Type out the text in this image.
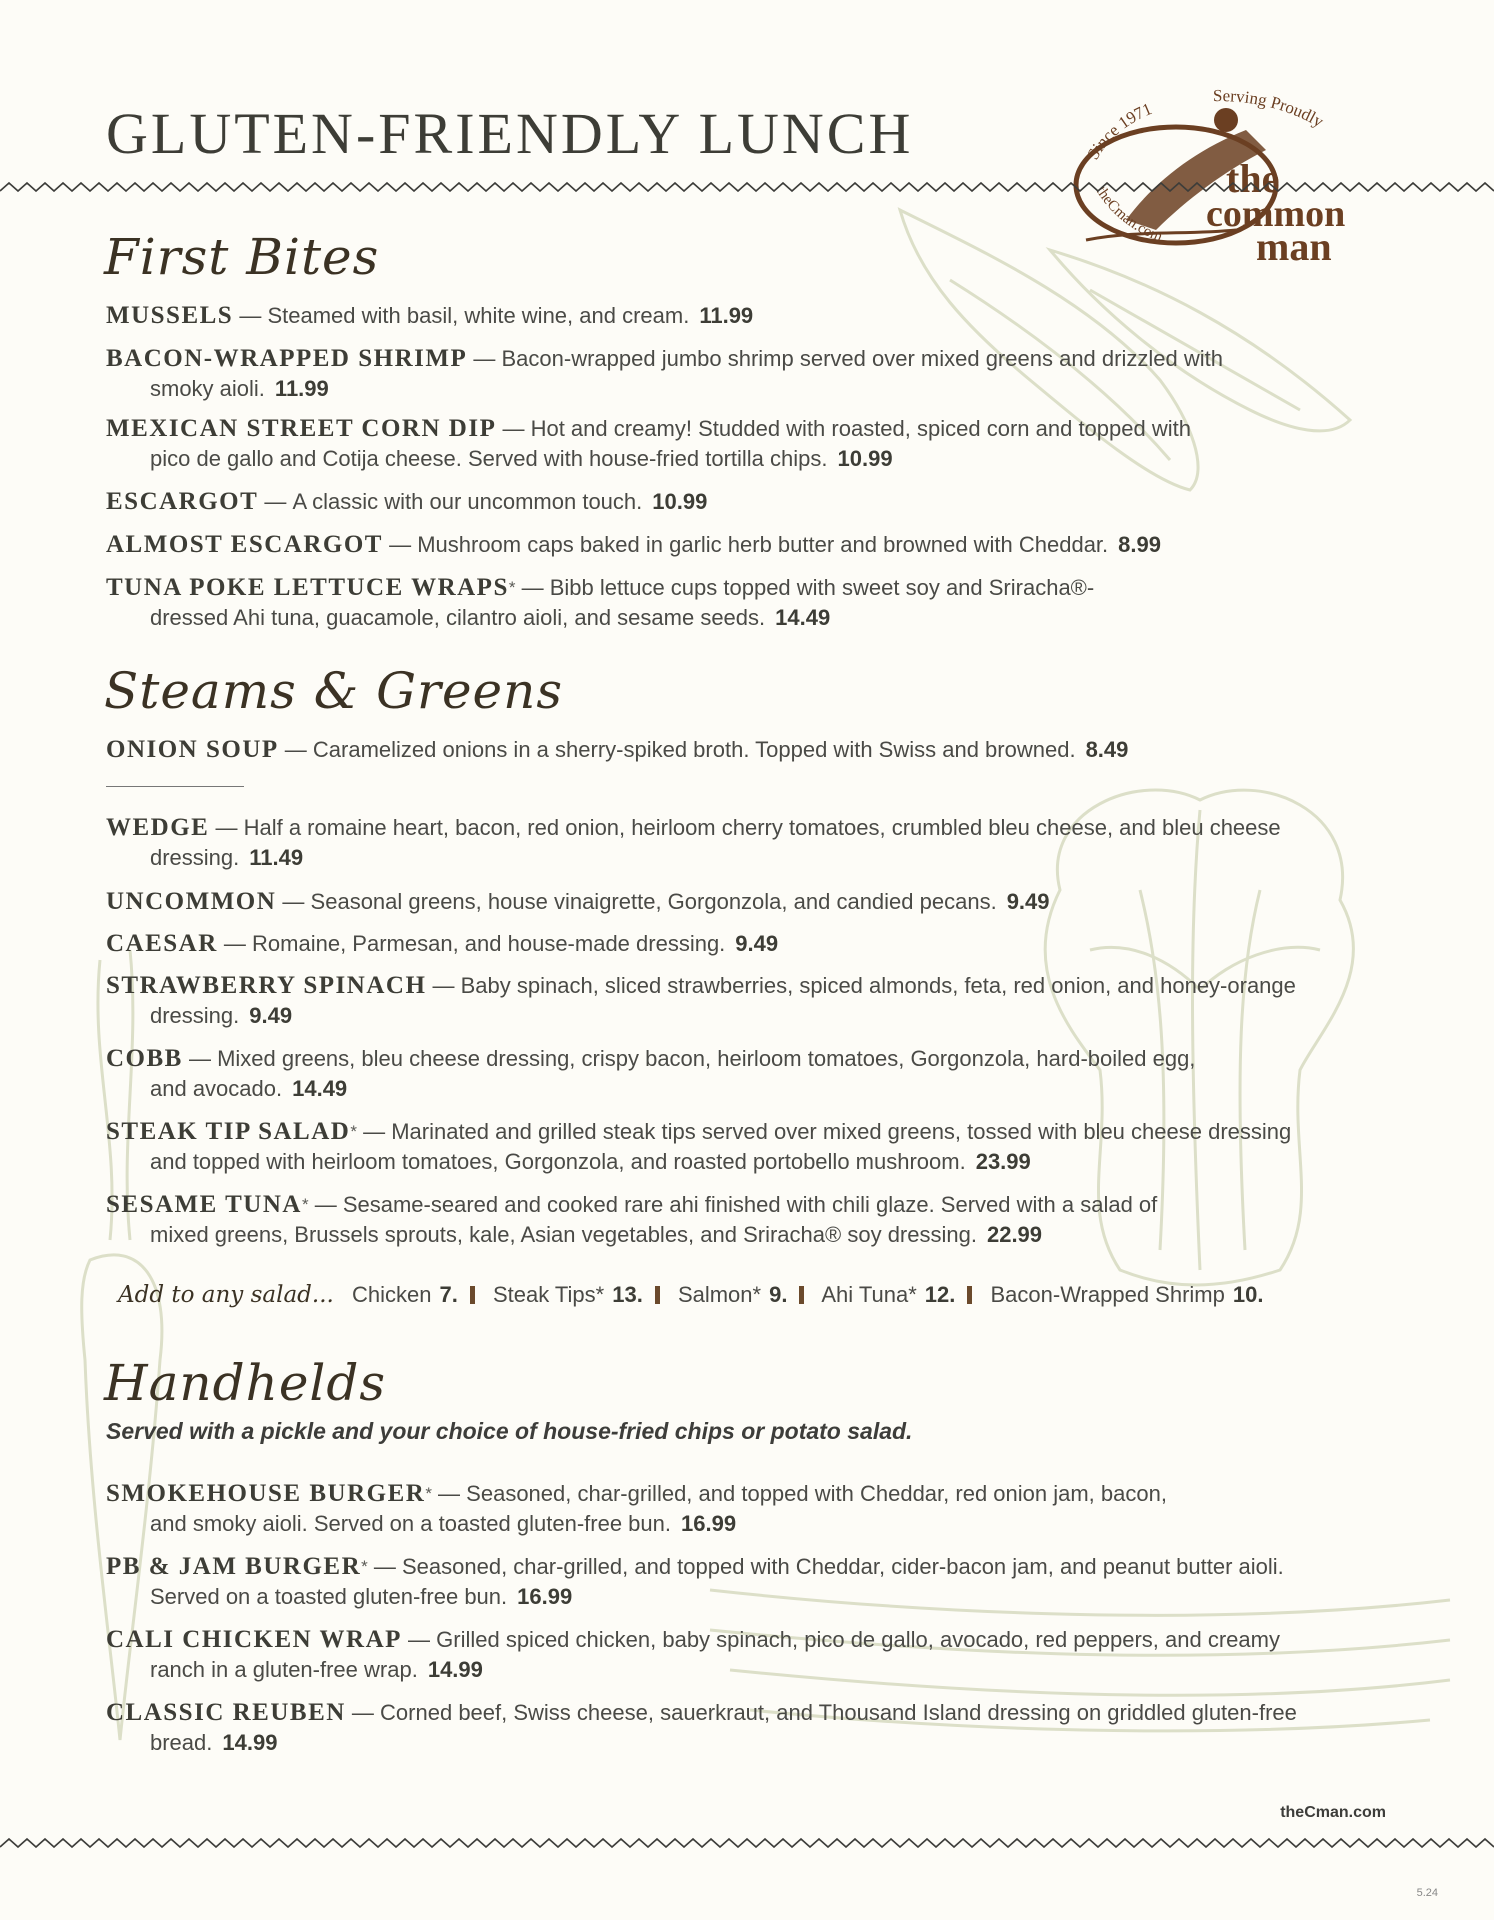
GLUTEN-FRIENDLY LUNCH	Since 1971
Serving Proudly
theCman.com
the
common
man
First Bites
MUSSELS — Steamed with basil, white wine, and cream. 11.99
BACON-WRAPPED SHRIMP — Bacon-wrapped jumbo shrimp served over mixed greens and drizzled with
smoky aioli. 11.99
MEXICAN STREET CORN DIP — Hot and creamy! Studded with roasted, spiced corn and topped with
pico de gallo and Cotija cheese. Served with house-fried tortilla chips. 10.99
ESCARGOT — A classic with our uncommon touch. 10.99
ALMOST ESCARGOT — Mushroom caps baked in garlic herb butter and browned with Cheddar. 8.99
TUNA POKE LETTUCE WRAPS* — Bibb lettuce cups topped with sweet soy and Sriracha®-
dressed Ahi tuna, guacamole, cilantro aioli, and sesame seeds. 14.49
Steams & Greens
ONION SOUP — Caramelized onions in a sherry-spiked broth. Topped with Swiss and browned. 8.49
WEDGE — Half a romaine heart, bacon, red onion, heirloom cherry tomatoes, crumbled bleu cheese, and bleu cheese
dressing. 11.49
UNCOMMON — Seasonal greens, house vinaigrette, Gorgonzola, and candied pecans. 9.49
CAESAR — Romaine, Parmesan, and house-made dressing. 9.49
STRAWBERRY SPINACH — Baby spinach, sliced strawberries, spiced almonds, feta, red onion, and honey-orange
dressing. 9.49
COBB — Mixed greens, bleu cheese dressing, crispy bacon, heirloom tomatoes, Gorgonzola, hard-boiled egg,
and avocado. 14.49
STEAK TIP SALAD* — Marinated and grilled steak tips served over mixed greens, tossed with bleu cheese dressing
and topped with heirloom tomatoes, Gorgonzola, and roasted portobello mushroom. 23.99
SESAME TUNA* — Sesame-seared and cooked rare ahi finished with chili glaze. Served with a salad of
mixed greens, Brussels sprouts, kale, Asian vegetables, and Sriracha® soy dressing. 22.99
Add to any salad... Chicken 7. Steak Tips* 13. Salmon* 9. Ahi Tuna* 12. Bacon-Wrapped Shrimp 10.
Handhelds
Served with a pickle and your choice of house-fried chips or potato salad.
SMOKEHOUSE BURGER* — Seasoned, char-grilled, and topped with Cheddar, red onion jam, bacon,
and smoky aioli. Served on a toasted gluten-free bun. 16.99
PB & JAM BURGER* — Seasoned, char-grilled, and topped with Cheddar, cider-bacon jam, and peanut butter aioli.
Served on a toasted gluten-free bun. 16.99
CALI CHICKEN WRAP — Grilled spiced chicken, baby spinach, pico de gallo, avocado, red peppers, and creamy
ranch in a gluten-free wrap. 14.99
CLASSIC REUBEN — Corned beef, Swiss cheese, sauerkraut, and Thousand Island dressing on griddled gluten-free
bread. 14.99
theCman.com
5.24
